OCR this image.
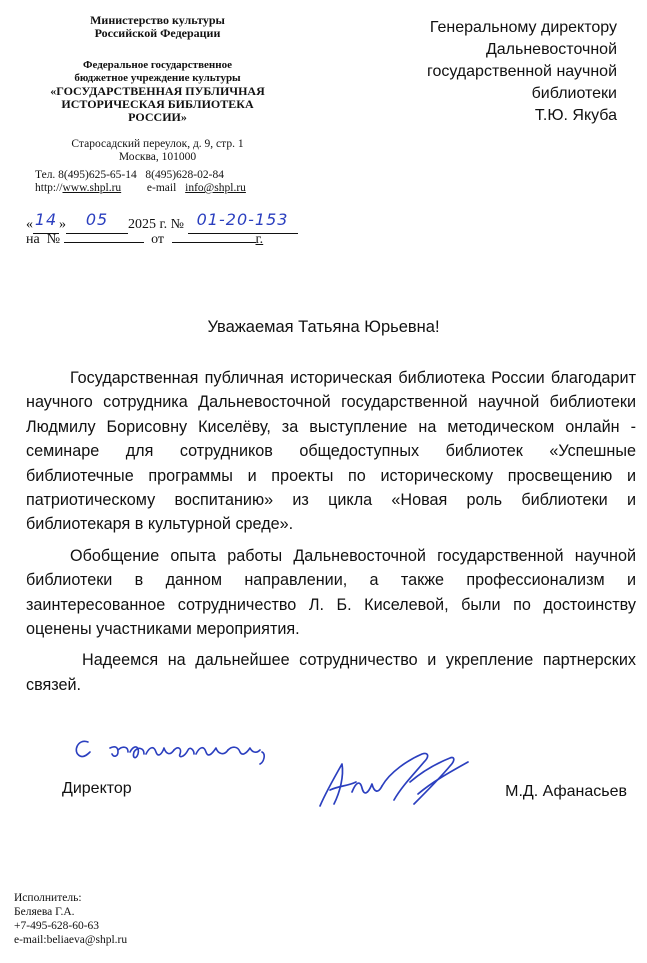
Министерство культуры
Российской Федерации
Федеральное государственное
бюджетное учреждение культуры
«ГОСУДАРСТВЕННАЯ ПУБЛИЧНАЯ
ИСТОРИЧЕСКАЯ БИБЛИОТЕКА
РОССИИ»
Старосадский переулок, д. 9, стр. 1
Москва, 101000
Тел. 8(495)625-65-14   8(495)628-02-84
http://www.shpl.ru e-mail info@shpl.ru
Генеральному директору
Дальневосточной
государственной научной
библиотеки
Т.Ю. Якуба
« 14 » 05 2025 г. № 01-20-153
на  №	от	г.
Уважаемая Татьяна Юрьевна!

Государственная публичная историческая библиотека России благодарит научного сотрудника Дальневосточной государственной научной библиотеки Людмилу Борисовну Киселёву, за выступление на методическом онлайн - семинаре для сотрудников общедоступных библиотек «Успешные библиотечные программы и проекты по историческому просвещению и патриотическому воспитанию» из цикла «Новая роль библиотеки и библиотекаря в культурной среде».

Обобщение опыта работы Дальневосточной государственной научной библиотеки в данном направлении, а также профессионализм и заинтересованное сотрудничество Л. Б. Киселевой, были по достоинству оценены участниками мероприятия.

Надеемся на дальнейшее сотрудничество и укрепление партнерских связей.

Директор	М.Д. Афанасьев
Исполнитель:
Беляева Г.А.
+7-495-628-60-63
e-mail:beliaeva@shpl.ru
